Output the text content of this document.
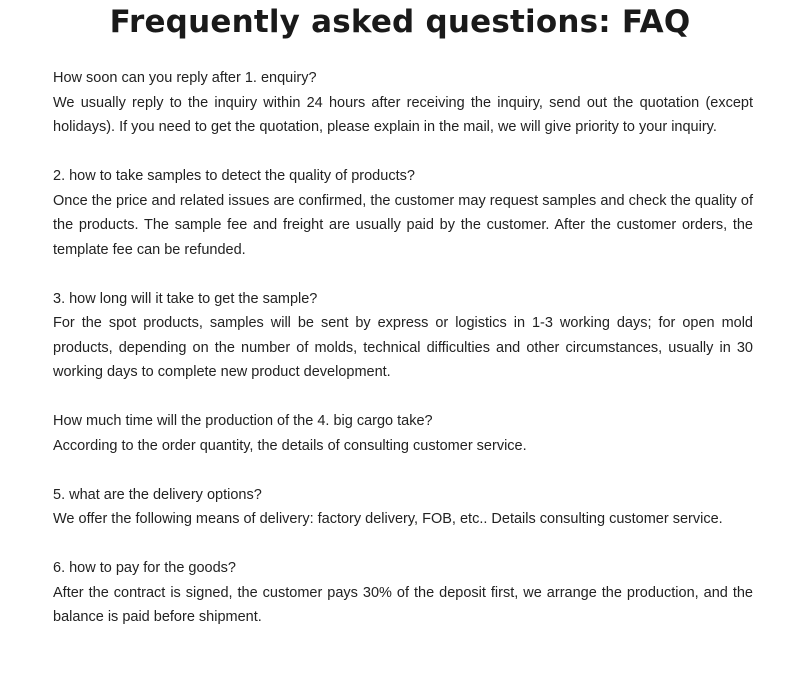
Frequently asked questions: FAQ
How soon can you reply after 1. enquiry?
We usually reply to the inquiry within 24 hours after receiving the inquiry, send out the quotation (except holidays). If you need to get the quotation, please explain in the mail, we will give priority to your inquiry.
2. how to take samples to detect the quality of products?
Once the price and related issues are confirmed, the customer may request samples and check the quality of the products. The sample fee and freight are usually paid by the customer. After the customer orders, the template fee can be refunded.
3. how long will it take to get the sample?
For the spot products, samples will be sent by express or logistics in 1-3 working days; for open mold products, depending on the number of molds, technical difficulties and other circumstances, usually in 30 working days to complete new product development.
How much time will the production of the 4. big cargo take?
According to the order quantity, the details of consulting customer service.
5. what are the delivery options?
We offer the following means of delivery: factory delivery, FOB, etc.. Details consulting customer service.
6. how to pay for the goods?
After the contract is signed, the customer pays 30% of the deposit first, we arrange the production, and the balance is paid before shipment.
